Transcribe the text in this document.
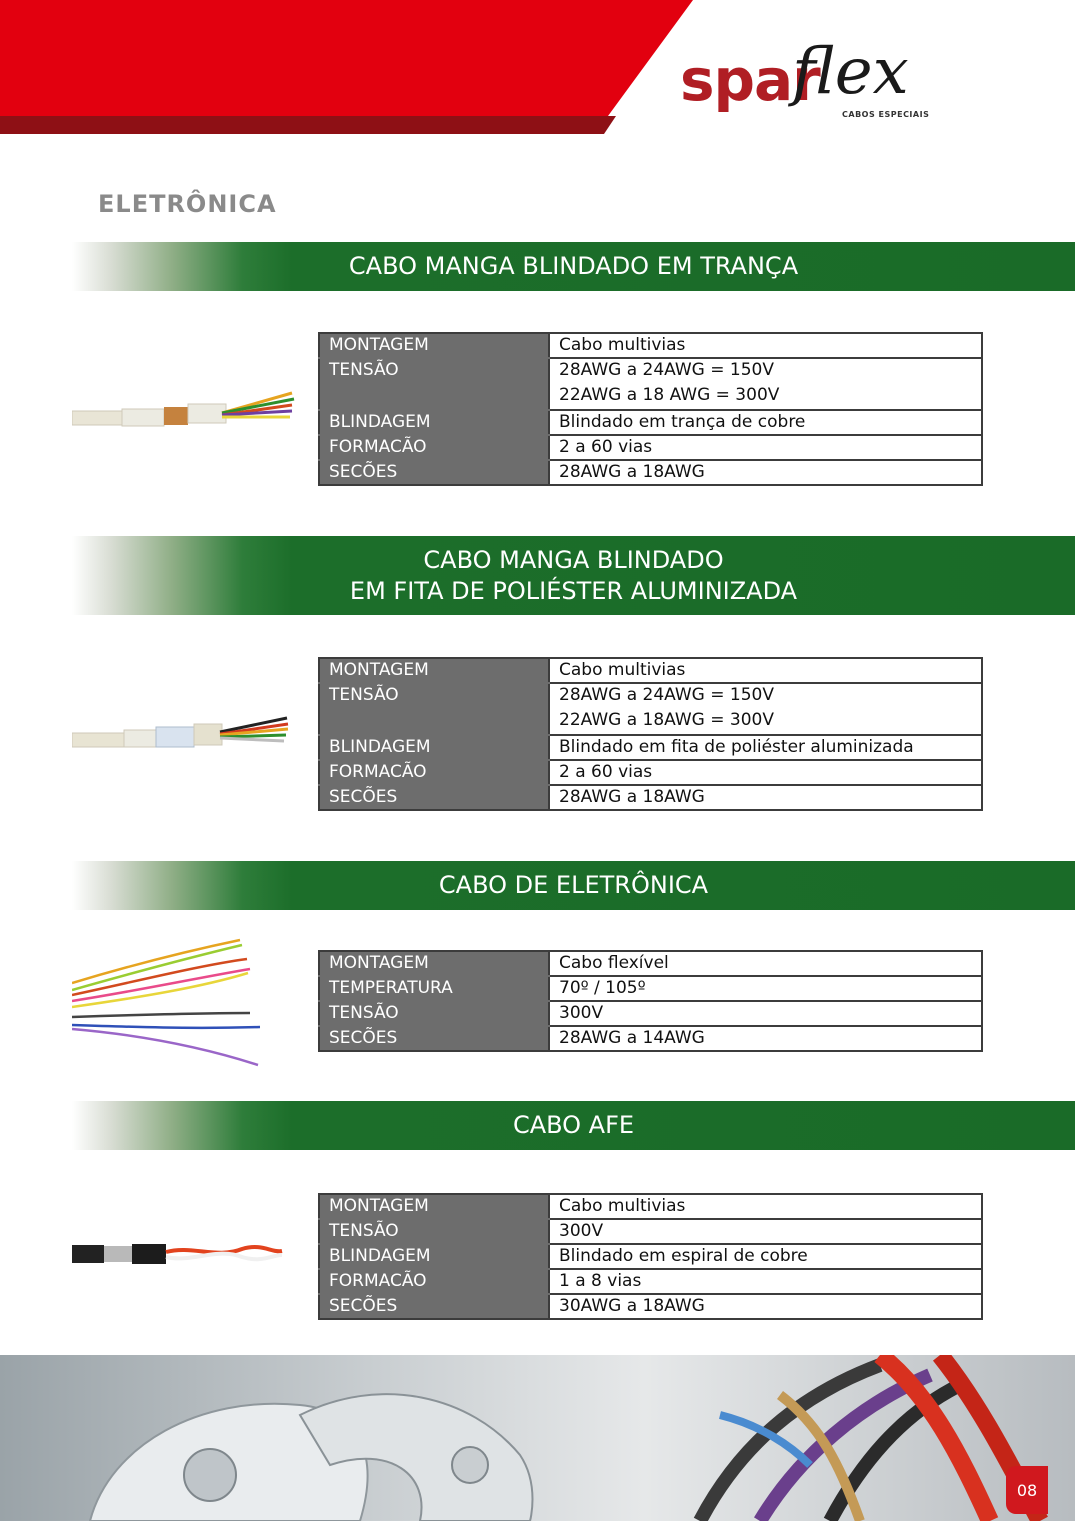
spar
flex
CABOS ESPECIAIS
ELETRÔNICA
CABO MANGA BLINDADO EM TRANÇA
MONTAGEM	Cabo multivias
TENSÃO	28AWG a 24AWG = 150V
22AWG a 18 AWG = 300V

BLINDAGEM	Blindado em trança de cobre
FORMACÃO	2 a 60 vias
SECÕES	28AWG a 18AWG
CABO MANGA BLINDADO
EM FITA DE POLIÉSTER ALUMINIZADA
MONTAGEM	Cabo multivias
TENSÃO	28AWG a 24AWG = 150V
22AWG a 18AWG = 300V

BLINDAGEM	Blindado em fita de poliéster aluminizada
FORMACÃO	2 a 60 vias
SECÕES	28AWG a 18AWG
CABO DE ELETRÔNICA
MONTAGEM	Cabo flexível
TEMPERATURA	70º / 105º
TENSÃO	300V
SECÕES	28AWG a 14AWG
CABO AFE
MONTAGEM	Cabo multivias
TENSÃO	300V
BLINDAGEM	Blindado em espiral de cobre
FORMACÃO	1 a 8 vias
SECÕES	30AWG a 18AWG
08
